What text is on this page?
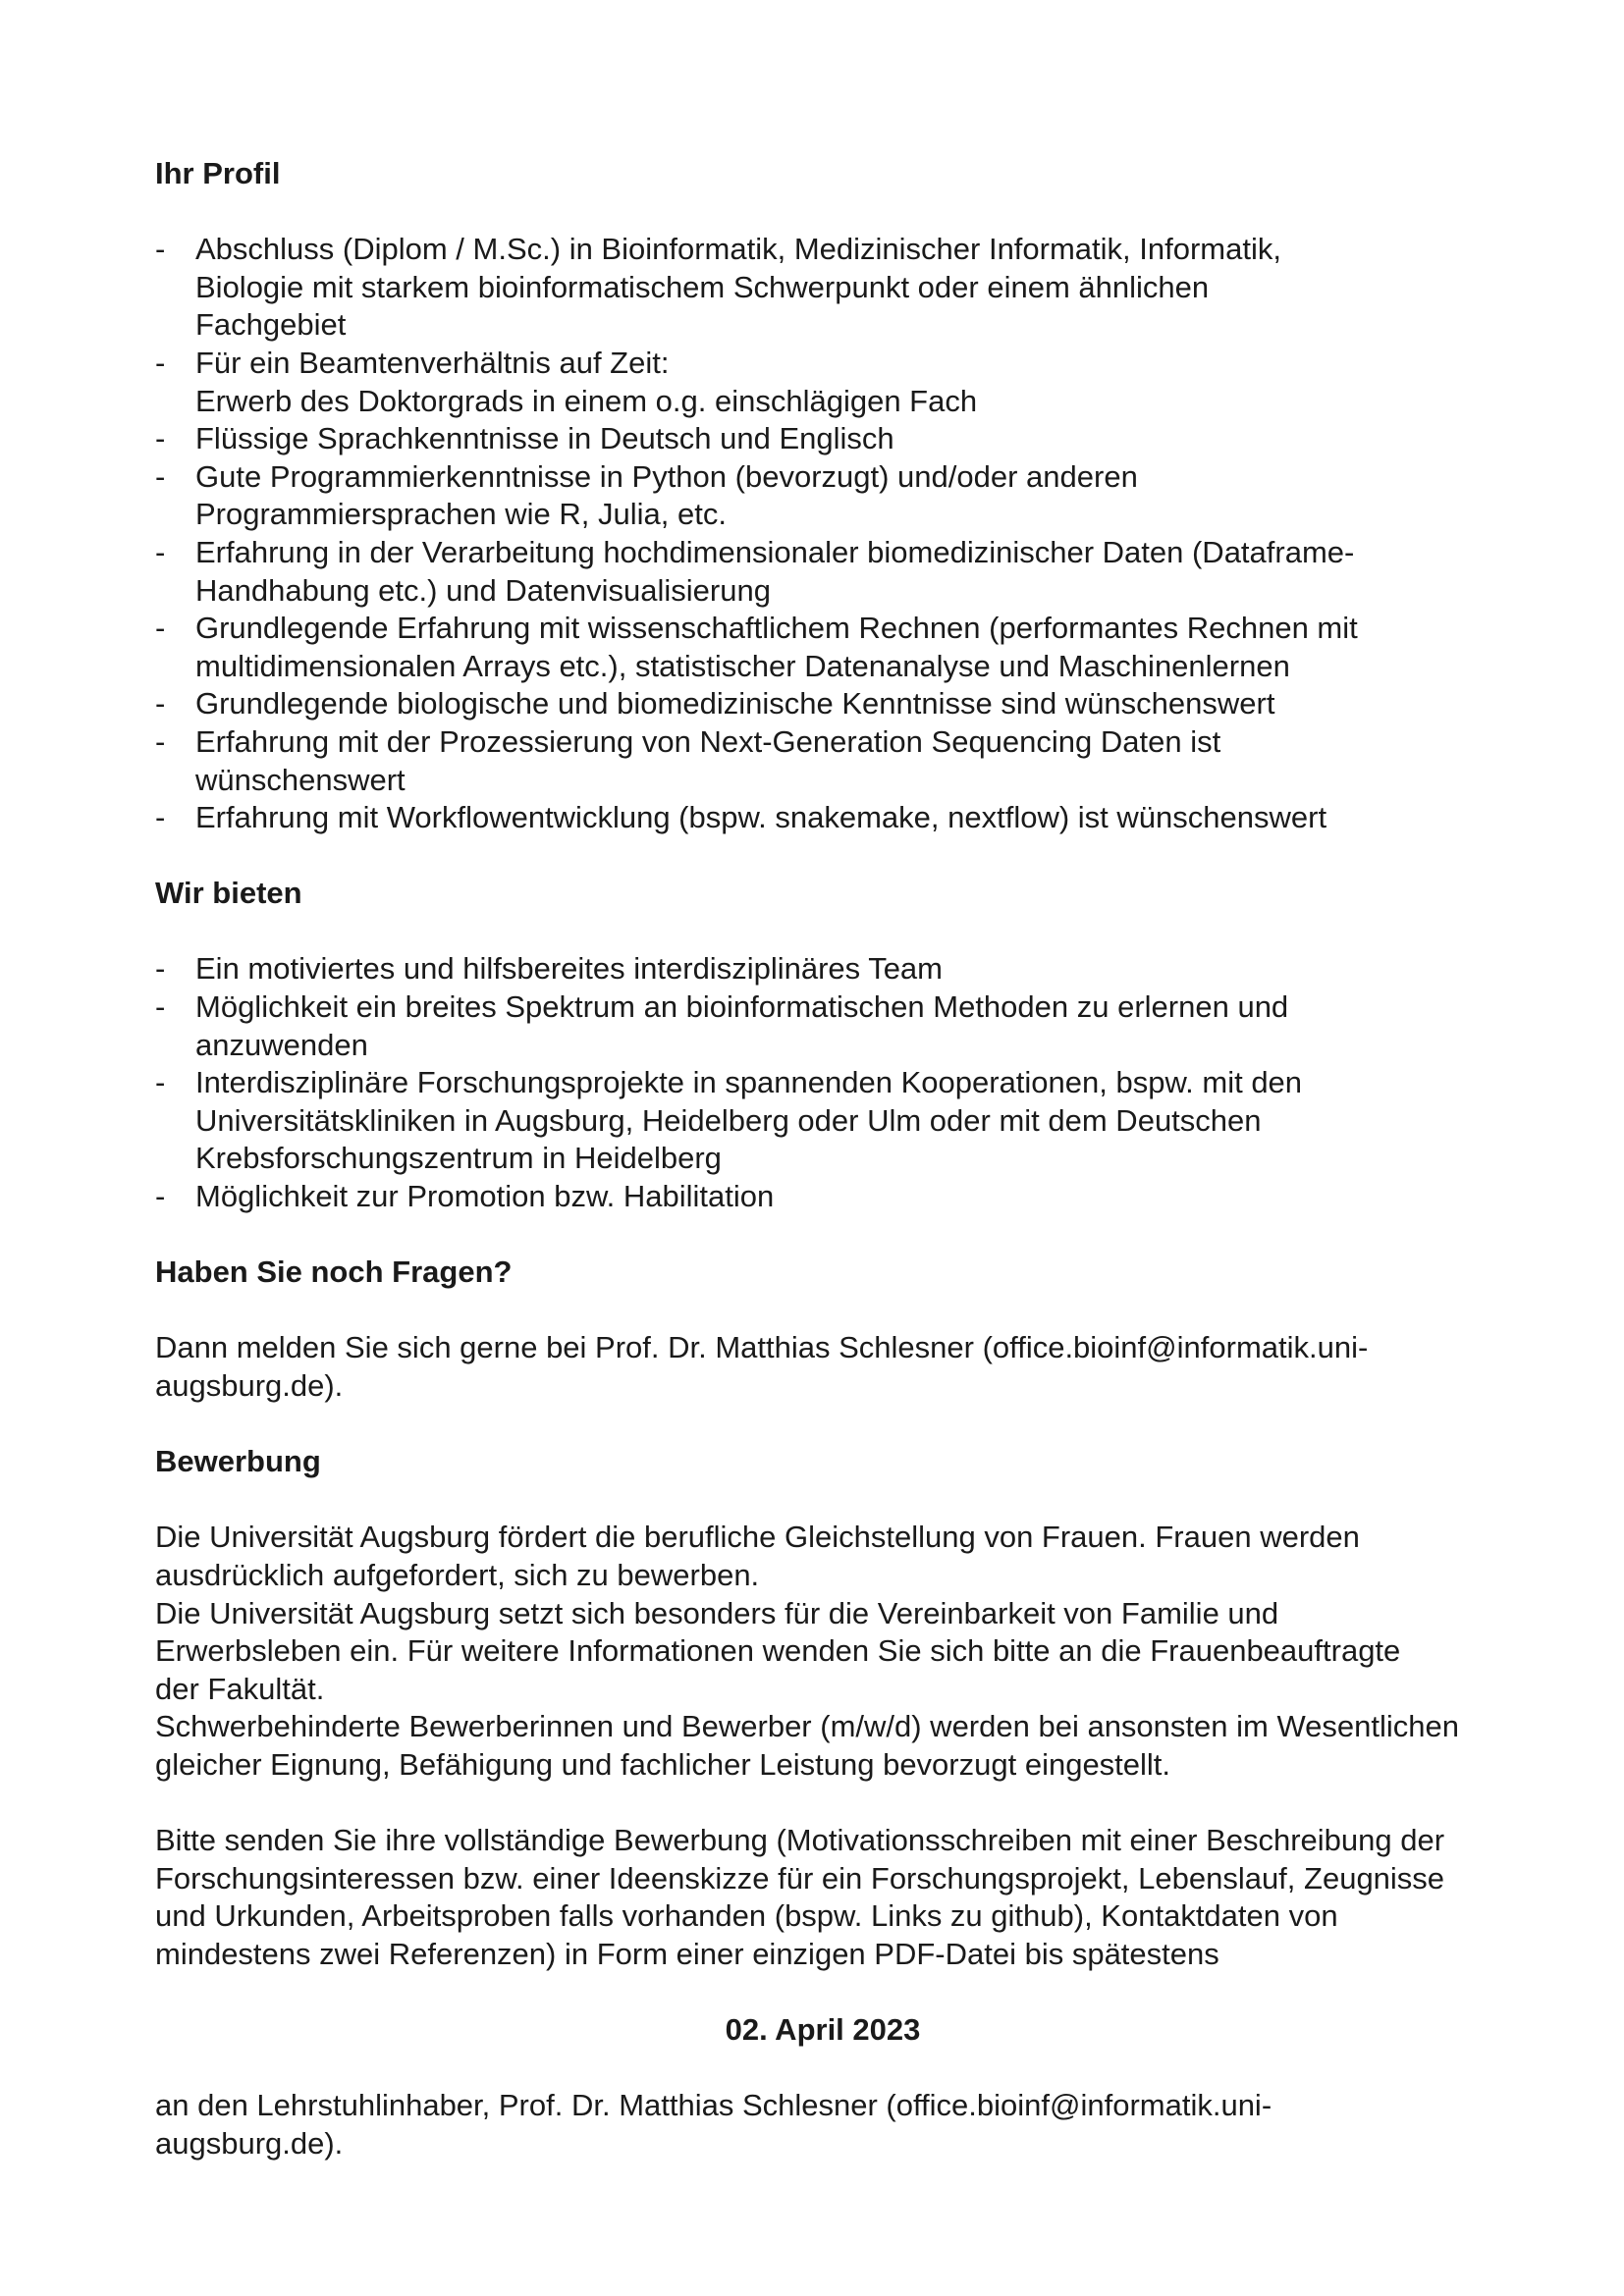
Ihr Profil
- Abschluss (Diplom / M.Sc.) in Bioinformatik, Medizinischer Informatik, Informatik, Biologie mit starkem bioinformatischem Schwerpunkt oder einem ähnlichen Fachgebiet
- Für ein Beamtenverhältnis auf Zeit:
Erwerb des Doktorgrads in einem o.g. einschlägigen Fach
- Flüssige Sprachkenntnisse in Deutsch und Englisch
- Gute Programmierkenntnisse in Python (bevorzugt) und/oder anderen Programmiersprachen wie R, Julia, etc.
- Erfahrung in der Verarbeitung hochdimensionaler biomedizinischer Daten (Dataframe-Handhabung etc.) und Datenvisualisierung
- Grundlegende Erfahrung mit wissenschaftlichem Rechnen (performantes Rechnen mit multidimensionalen Arrays etc.), statistischer Datenanalyse und Maschinenlernen
- Grundlegende biologische und biomedizinische Kenntnisse sind wünschenswert
- Erfahrung mit der Prozessierung von Next-Generation Sequencing Daten ist wünschenswert
- Erfahrung mit Workflowentwicklung (bspw. snakemake, nextflow) ist wünschenswert
Wir bieten
- Ein motiviertes und hilfsbereites interdisziplinäres Team
- Möglichkeit ein breites Spektrum an bioinformatischen Methoden zu erlernen und anzuwenden
- Interdisziplinäre Forschungsprojekte in spannenden Kooperationen, bspw. mit den Universitätskliniken in Augsburg, Heidelberg oder Ulm oder mit dem Deutschen Krebsforschungszentrum in Heidelberg
- Möglichkeit zur Promotion bzw. Habilitation
Haben Sie noch Fragen?

Dann melden Sie sich gerne bei Prof. Dr. Matthias Schlesner (office.bioinf@informatik.uni-augsburg.de).

Bewerbung

Die Universität Augsburg fördert die berufliche Gleichstellung von Frauen. Frauen werden ausdrücklich aufgefordert, sich zu bewerben.

Die Universität Augsburg setzt sich besonders für die Vereinbarkeit von Familie und Erwerbsleben ein. Für weitere Informationen wenden Sie sich bitte an die Frauenbeauftragte der Fakultät.

Schwerbehinderte Bewerberinnen und Bewerber (m/w/d) werden bei ansonsten im Wesentlichen gleicher Eignung, Befähigung und fachlicher Leistung bevorzugt eingestellt.

Bitte senden Sie ihre vollständige Bewerbung (Motivationsschreiben mit einer Beschreibung der Forschungsinteressen bzw. einer Ideenskizze für ein Forschungsprojekt, Lebenslauf, Zeugnisse und Urkunden, Arbeitsproben falls vorhanden (bspw. Links zu github), Kontaktdaten von mindestens zwei Referenzen) in Form einer einzigen PDF-Datei bis spätestens

02. April 2023

an den Lehrstuhlinhaber, Prof. Dr. Matthias Schlesner (office.bioinf@informatik.uni-augsburg.de).
